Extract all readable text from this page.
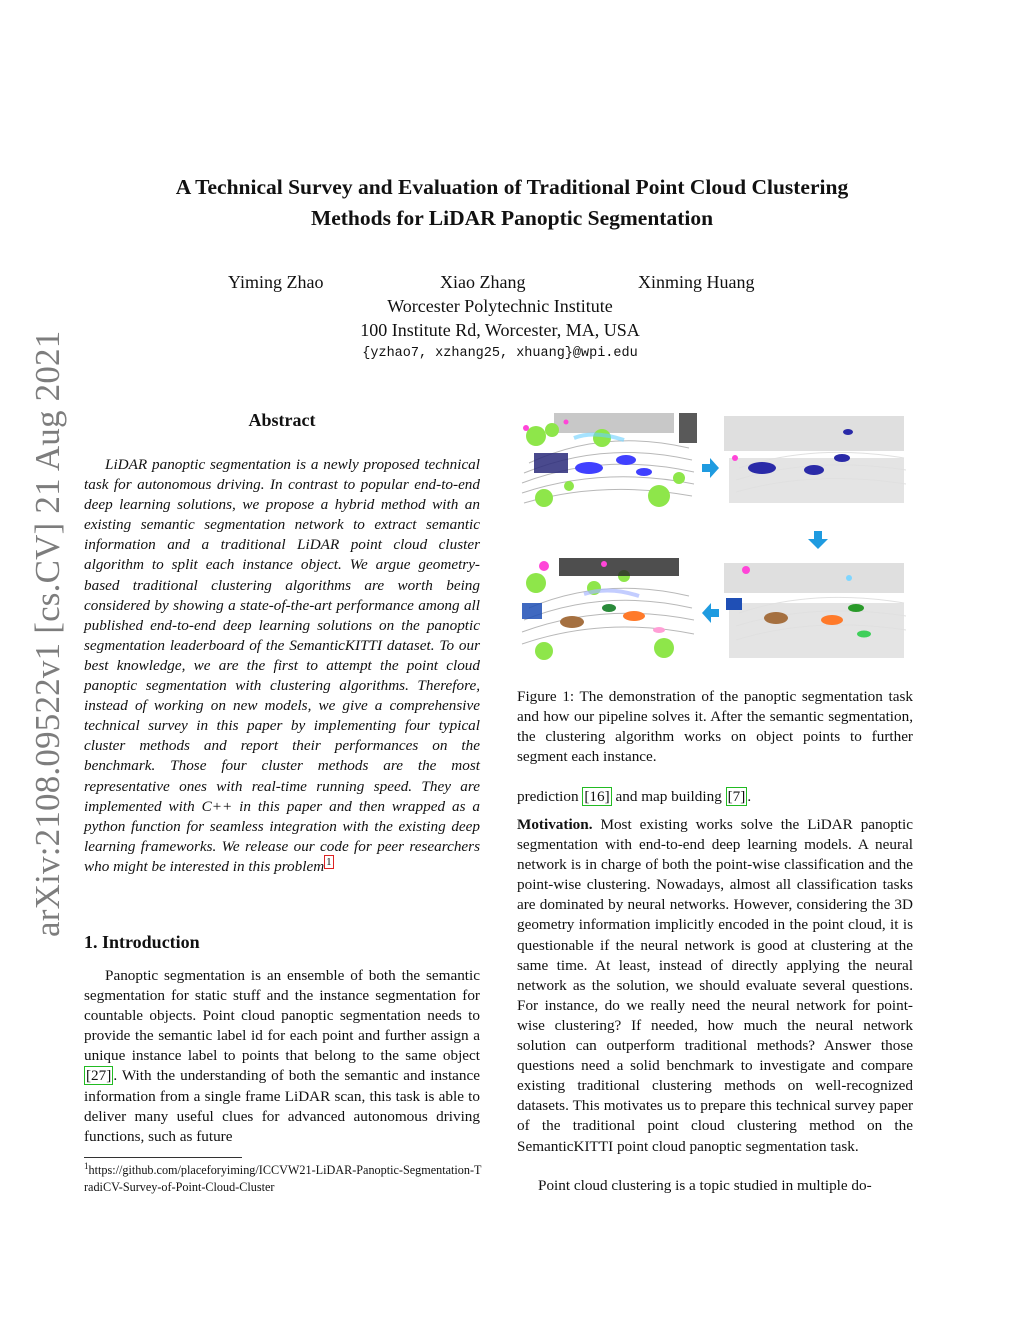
A Technical Survey and Evaluation of Traditional Point Cloud Clustering
Methods for LiDAR Panoptic Segmentation
Yiming Zhao	Xiao Zhang	Xinming Huang
Worcester Polytechnic Institute
100 Institute Rd, Worcester, MA, USA
{yzhao7, xzhang25, xhuang}@wpi.edu
arXiv:2108.09522v1 [cs.CV] 21 Aug 2021	Abstract
LiDAR panoptic segmentation is a newly proposed technical task for autonomous driving. In contrast to popular end-to-end deep learning solutions, we propose a hybrid method with an existing semantic segmentation network to extract semantic information and a traditional LiDAR point cloud cluster algorithm to split each instance object. We argue geometry-based traditional clustering algorithms are worth being considered by showing a state-of-the-art performance among all published end-to-end deep learning solutions on the panoptic segmentation leaderboard of the SemanticKITTI dataset. To our best knowledge, we are the first to attempt the point cloud panoptic segmentation with clustering algorithms. Therefore, instead of working on new models, we give a comprehensive technical survey in this paper by implementing four typical cluster methods and report their performances on the benchmark. Those four cluster methods are the most representative ones with real-time running speed. They are implemented with C++ in this paper and then wrapped as a python function for seamless integration with the existing deep learning frameworks. We release our code for peer researchers who might be interested in this problem $^1$
1. Introduction
Panoptic segmentation is an ensemble of both the semantic segmentation for static stuff and the instance segmentation for countable objects. Point cloud panoptic segmentation needs to provide the semantic label id for each point and further assign a unique instance label to points that belong to the same object [27] . With the understanding of both the semantic and instance information from a single frame LiDAR scan, this task is able to deliver many useful clues for advanced autonomous driving functions, such as future
$^1$https://github.com/placeforyiming/ICCVW21-LiDAR-Panoptic-Segmentation-TradiCV-Survey-of-Point-Cloud-Cluster
Figure 1: The demonstration of the panoptic segmentation task and how our pipeline solves it. After the semantic segmentation, the clustering algorithm works on object points to further segment each instance.
prediction [16] and map building [7] .
Motivation. Most existing works solve the LiDAR panoptic segmentation with end-to-end deep learning models. A neural network is in charge of both the point-wise classification and the point-wise clustering. Nowadays, almost all classification tasks are dominated by neural networks. However, considering the 3D geometry information implicitly encoded in the point cloud, it is questionable if the neural network is good at clustering at the same time. At least, instead of directly applying the neural network as the solution, we should evaluate several questions. For instance, do we really need the neural network for point-wise clustering? If needed, how much the neural network solution can outperform traditional methods? Answer those questions need a solid benchmark to investigate and compare existing traditional clustering methods on well-recognized datasets. This motivates us to prepare this technical survey paper of the traditional point cloud clustering method on the SemanticKITTI point cloud panoptic segmentation task.
Point cloud clustering is a topic studied in multiple do-
